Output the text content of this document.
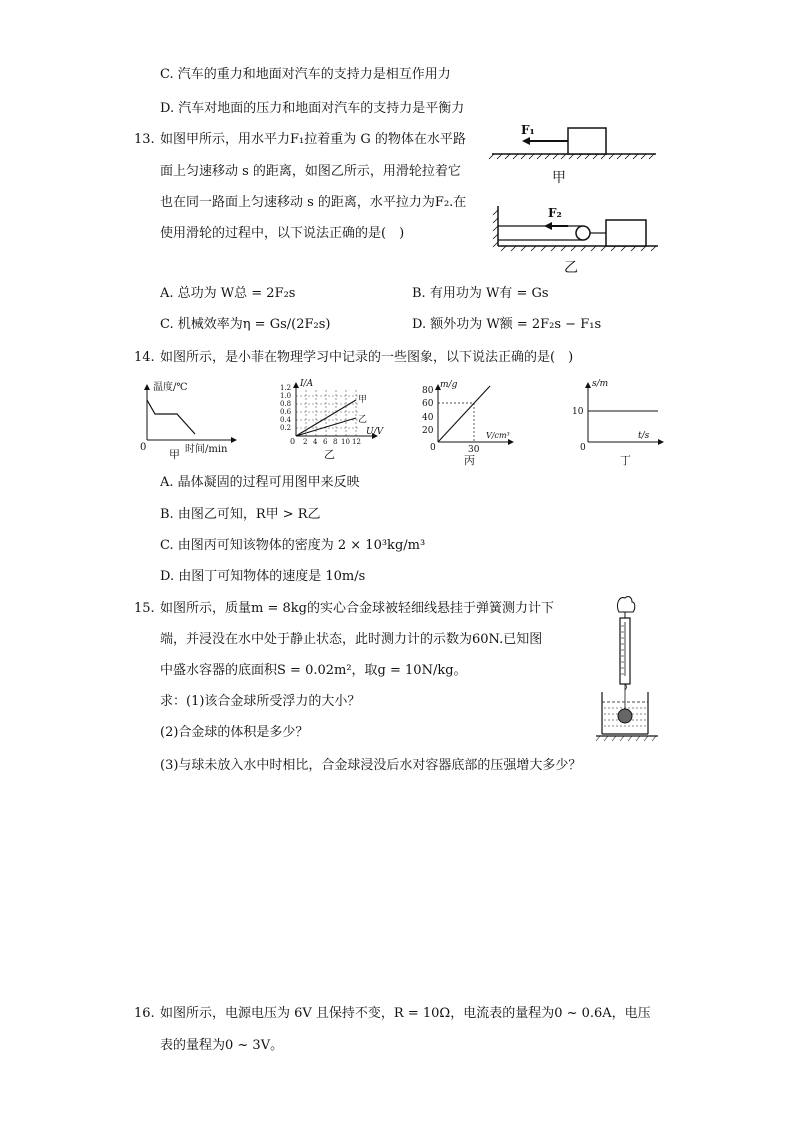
C. 汽车的重力和地面对汽车的支持力是相互作用力
D. 汽车对地面的压力和地面对汽车的支持力是平衡力
13. 如图甲所示，用水平力F₁拉着重为 G 的物体在水平路
面上匀速移动 s 的距离，如图乙所示，用滑轮拉着它
也在同一路面上匀速移动 s 的距离，水平拉力为F₂.在
使用滑轮的过程中，以下说法正确的是(　)
F₁
甲
F₂
乙
A. 总功为 W总 = 2F₂s	B. 有用功为 W有 = Gs
C. 机械效率为η = Gs/(2F₂s)	D. 额外功为 W额 = 2F₂s − F₁s
14. 如图所示，是小菲在物理学习中记录的一些图象，以下说法正确的是(　)
温度/℃
时间/min
0
甲
I/A
U/V
0
1.2
1.0
0.8
0.6
0.4
0.2
2 4 6 8 10 12
甲
乙
乙
m/g
V/cm³
0
80
60
40
20
30
丙
s/m
t/s
0
10
丁
A. 晶体凝固的过程可用图甲来反映
B. 由图乙可知，R甲 > R乙
C. 由图丙可知该物体的密度为 2 × 10³kg/m³
D. 由图丁可知物体的速度是 10m/s
15. 如图所示，质量m = 8kg的实心合金球被轻细线悬挂于弹簧测力计下
端，并浸没在水中处于静止状态，此时测力计的示数为60N.已知图
中盛水容器的底面积S = 0.02m²，取g = 10N/kg。
求：(1)该合金球所受浮力的大小？
(2)合金球的体积是多少？
(3)与球未放入水中时相比，合金球浸没后水对容器底部的压强增大多少？
16. 如图所示，电源电压为 6V 且保持不变，R = 10Ω，电流表的量程为0 ~ 0.6A，电压
表的量程为0 ~ 3V。
